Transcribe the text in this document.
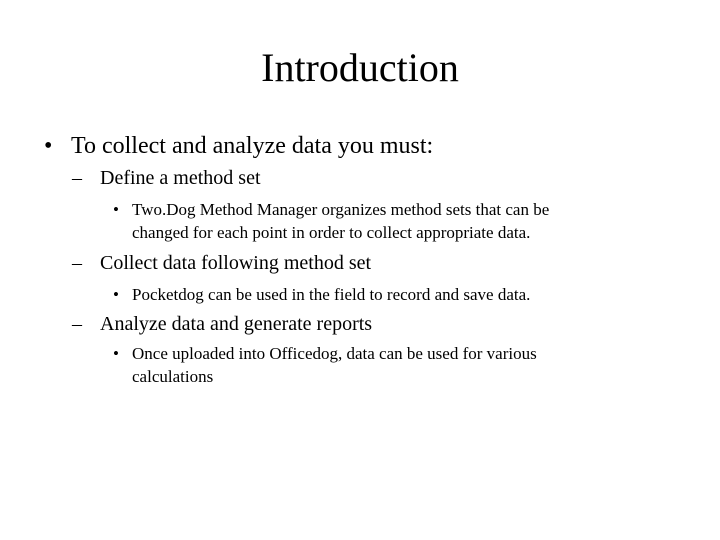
Introduction
• To collect and analyze data you must:
– Define a method set
• Two.Dog Method Manager organizes method sets that can be
changed for each point in order to collect appropriate data.
– Collect data following method set
• Pocketdog can be used in the field to record and save data.
– Analyze data and generate reports
• Once uploaded into Officedog, data can be used for various
calculations
